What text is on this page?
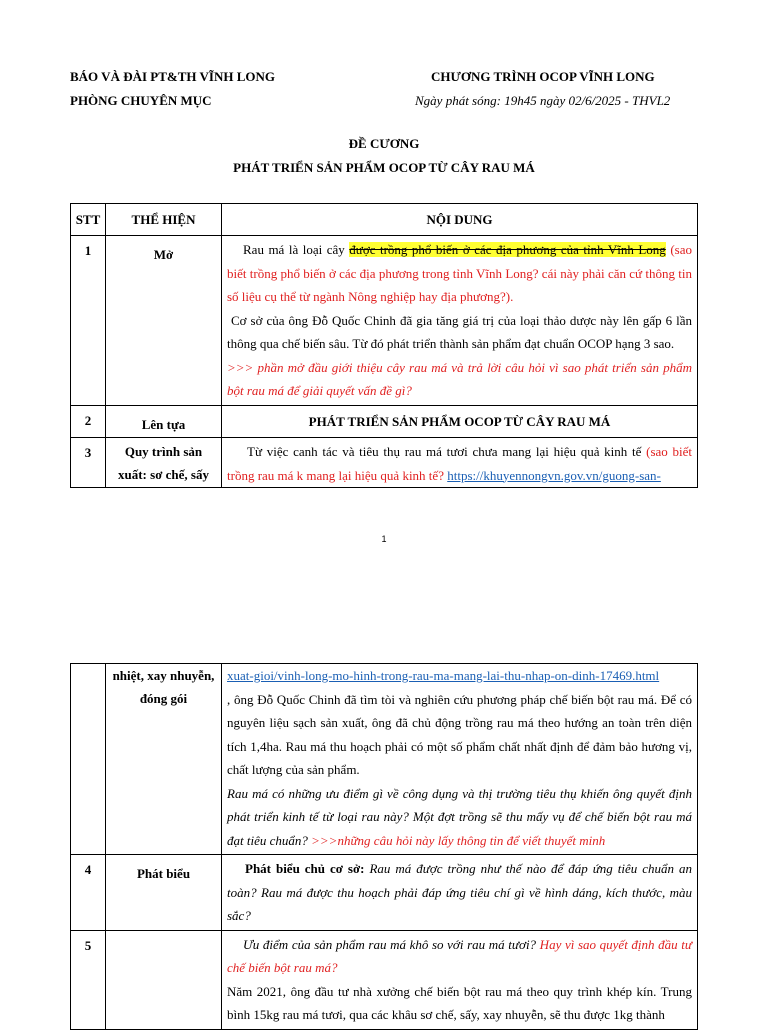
BÁO VÀ ĐÀI PT&TH VĨNH LONG
PHÒNG CHUYÊN MỤC
CHƯƠNG TRÌNH OCOP VĨNH LONG
Ngày phát sóng: 19h45 ngày 02/6/2025 - THVL2
ĐỀ CƯƠNG
PHÁT TRIỂN SẢN PHẨM OCOP TỪ CÂY RAU MÁ
STT	THỂ HIỆN	NỘI DUNG
1	Mở	Rau má là loại cây được trồng phổ biến ở các địa phương của tỉnh Vĩnh Long (sao biết trồng phổ biến ở các địa phương trong tỉnh Vĩnh Long? cái này phải căn cứ thông tin số liệu cụ thể từ ngành Nông nghiệp hay địa phương?).
Cơ sở của ông Đỗ Quốc Chinh đã gia tăng giá trị của loại thảo dược này lên gấp 6 lần thông qua chế biến sâu. Từ đó phát triển thành sản phẩm đạt chuẩn OCOP hạng 3 sao.
>>> phần mở đầu giới thiệu cây rau má và trả lời câu hỏi vì sao phát triển sản phẩm bột rau má để giải quyết vấn đề gì?

2	Lên tựa	PHÁT TRIỂN SẢN PHẨM OCOP TỪ CÂY RAU MÁ
3	Quy trình sản xuất: sơ chế, sấy	Từ việc canh tác và tiêu thụ rau má tươi chưa mang lại hiệu quả kinh tế (sao biết trồng rau má k mang lại hiệu quả kinh tế? https://khuyennongvn.gov.vn/guong-san-
1
	nhiệt, xay nhuyễn, đóng gói	xuat-gioi/vinh-long-mo-hinh-trong-rau-ma-mang-lai-thu-nhap-on-dinh-17469.html
, ông Đỗ Quốc Chinh đã tìm tòi và nghiên cứu phương pháp chế biến bột rau má. Để có nguyên liệu sạch sản xuất, ông đã chủ động trồng rau má theo hướng an toàn trên diện tích 1,4ha. Rau má thu hoạch phải có một số phẩm chất nhất định để đảm bảo hương vị, chất lượng của sản phẩm.
Rau má có những ưu điểm gì về công dụng và thị trường tiêu thụ khiến ông quyết định phát triển kinh tế từ loại rau này? Một đợt trồng sẽ thu mấy vụ để chế biến bột rau má đạt tiêu chuẩn? >>>những câu hỏi này lấy thông tin để viết thuyết minh

4	Phát biểu	Phát biểu chủ cơ sở: Rau má được trồng như thế nào để đáp ứng tiêu chuẩn an toàn? Rau má được thu hoạch phải đáp ứng tiêu chí gì về hình dáng, kích thước, màu sắc?

5		Ưu điểm của sản phẩm rau má khô so với rau má tươi? Hay vì sao quyết định đầu tư chế biến bột rau má?
Năm 2021, ông đầu tư nhà xưởng chế biến bột rau má theo quy trình khép kín. Trung bình 15kg rau má tươi, qua các khâu sơ chế, sấy, xay nhuyễn, sẽ thu được 1kg thành
